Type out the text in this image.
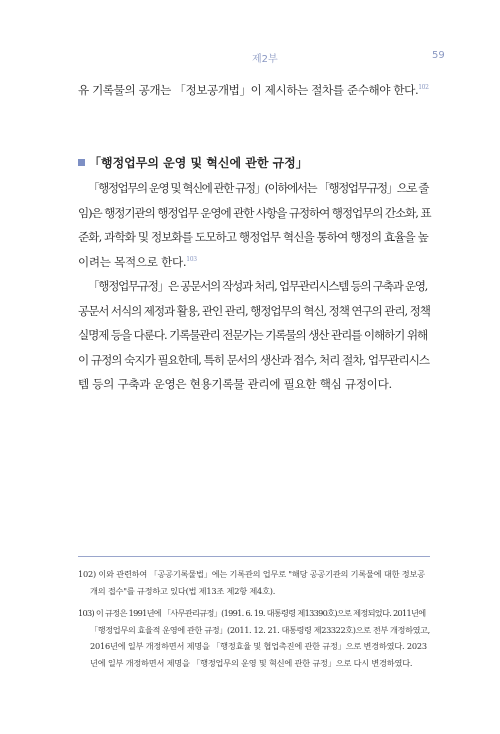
제2부	59
유 기록물의 공개는 「정보공개법」이 제시하는 절차를 준수해야 한다.$^{102}$
「행정업무의 운영 및 혁신에 관한 규정」
「행정업무의 운영 및 혁신에 관한 규정」(이하에서는 「행정업무규정」으로 줄
임)은 행정기관의 행정업무 운영에 관한 사항을 규정하여 행정업무의 간소화, 표
준화, 과학화 및 정보화를 도모하고 행정업무 혁신을 통하여 행정의 효율을 높
이려는 목적으로 한다.$^{103}$
「행정업무규정」은 공문서의 작성과 처리, 업무관리시스템 등의 구축과 운영,
공문서 서식의 제정과 활용, 관인 관리, 행정업무의 혁신, 정책 연구의 관리, 정책
실명제 등을 다룬다. 기록물관리 전문가는 기록물의 생산 관리를 이해하기 위해
이 규정의 숙지가 필요한데, 특히 문서의 생산과 접수, 처리 절차, 업무관리시스
템 등의 구축과 운영은 현용기록물 관리에 필요한 핵심 규정이다.
102) 이와 관련하여 「공공기록물법」에는 기록관의 업무로 "해당 공공기관의 기록물에 대한 정보공
개의 접수"를 규정하고 있다(법 제13조 제2항 제4호).
103) 이 규정은 1991년에 「사무관리규정」(1991. 6. 19. 대통령령 제13390호)으로 제정되었다. 2011년에
「행정업무의 효율적 운영에 관한 규정」(2011. 12. 21. 대통령령 제23322호)으로 전부 개정하였고,
2016년에 일부 개정하면서 제명을 「행정효율 및 협업촉진에 관한 규정」으로 변경하였다. 2023
년에 일부 개정하면서 제명을 「행정업무의 운영 및 혁신에 관한 규정」으로 다시 변경하였다.
